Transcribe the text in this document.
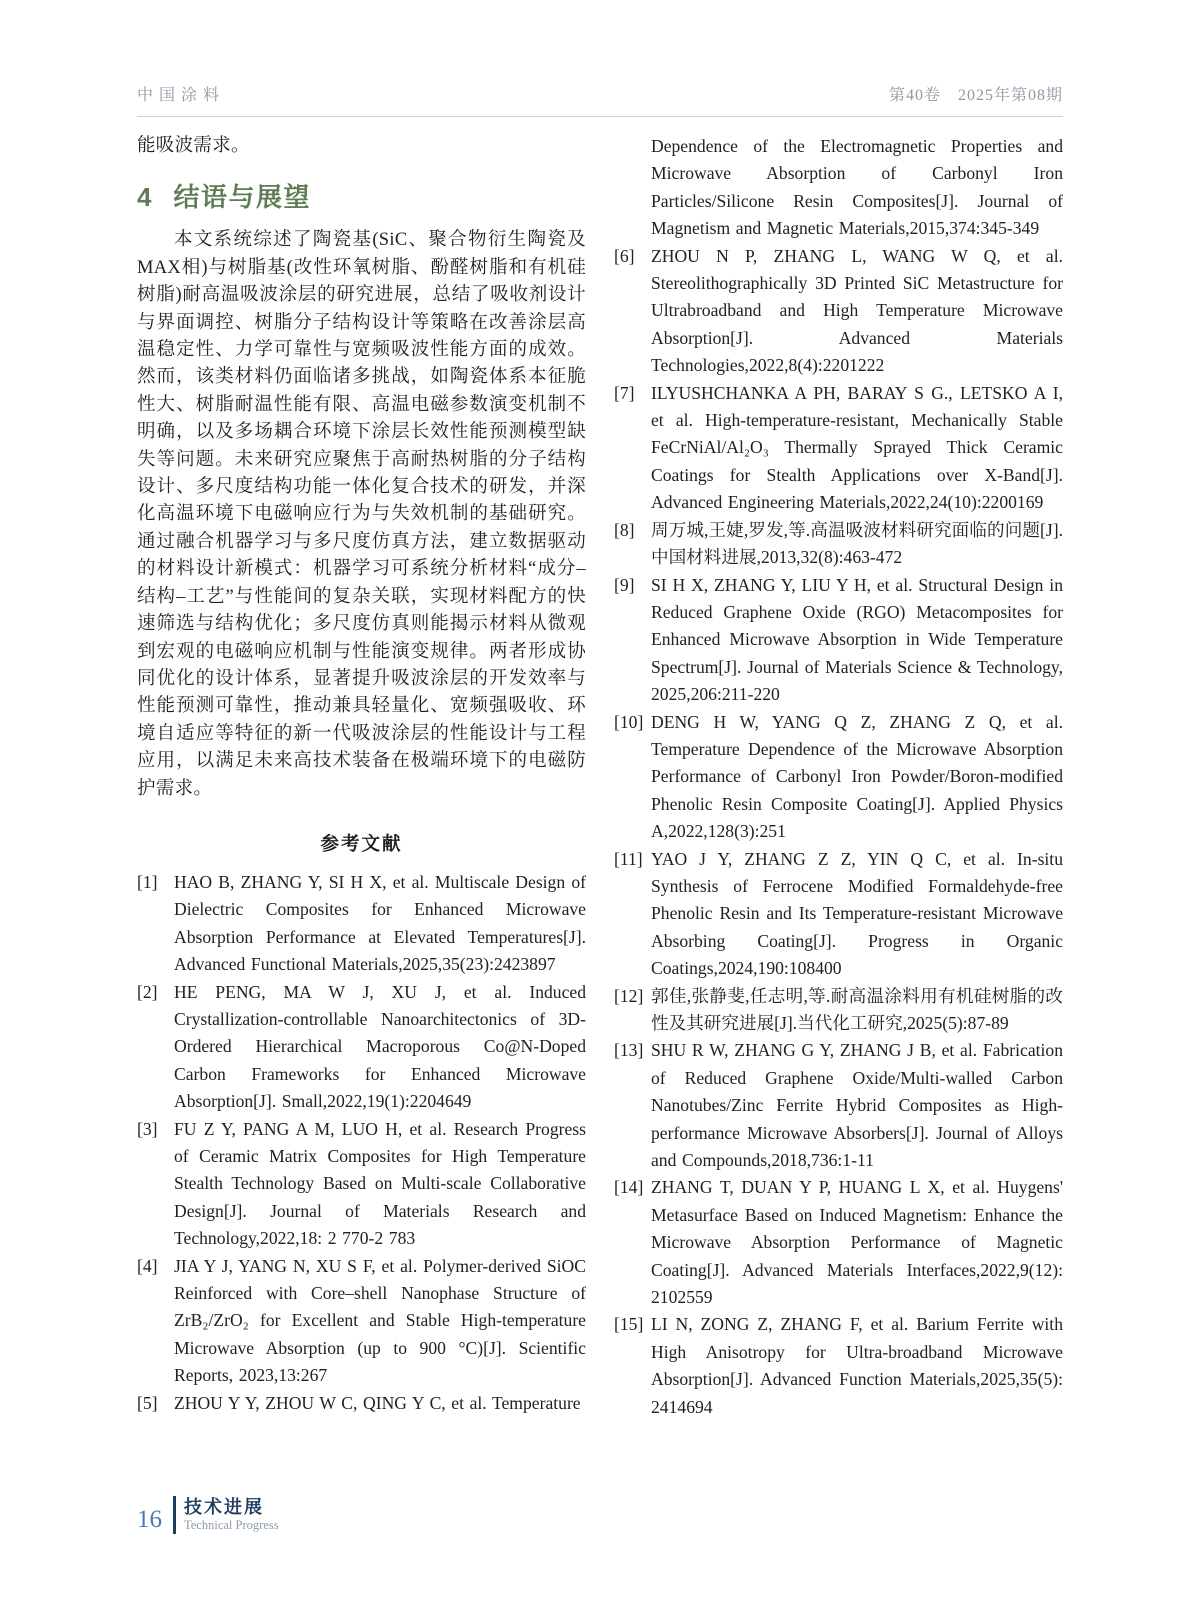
中国涂料	第40卷　2025年第08期

能吸波需求。

4 结语与展望

本文系统综述了陶瓷基(SiC、聚合物衍生陶瓷及MAX相)与树脂基(改性环氧树脂、酚醛树脂和有机硅树脂)耐高温吸波涂层的研究进展，总结了吸收剂设计与界面调控、树脂分子结构设计等策略在改善涂层高温稳定性、力学可靠性与宽频吸波性能方面的成效。然而，该类材料仍面临诸多挑战，如陶瓷体系本征脆性大、树脂耐温性能有限、高温电磁参数演变机制不明确，以及多场耦合环境下涂层长效性能预测模型缺失等问题。未来研究应聚焦于高耐热树脂的分子结构设计、多尺度结构功能一体化复合技术的研发，并深化高温环境下电磁响应行为与失效机制的基础研究。通过融合机器学习与多尺度仿真方法，建立数据驱动的材料设计新模式：机器学习可系统分析材料“成分–结构–工艺”与性能间的复杂关联，实现材料配方的快速筛选与结构优化；多尺度仿真则能揭示材料从微观到宏观的电磁响应机制与性能演变规律。两者形成协同优化的设计体系，显著提升吸波涂层的开发效率与性能预测可靠性，推动兼具轻量化、宽频强吸收、环境自适应等特征的新一代吸波涂层的性能设计与工程应用，以满足未来高技术装备在极端环境下的电磁防护需求。

参考文献
[1] HAO B, ZHANG Y, SI H X, et al. Multiscale Design of Dielectric Composites for Enhanced Microwave Absorption Performance at Elevated Temperatures[J]. Advanced Functional Materials,2025,35(23):2423897
[2] HE PENG, MA W J, XU J, et al. Induced Crystallization-controllable Nanoarchitectonics of 3D-Ordered Hierarchical Macroporous Co@N-Doped Carbon Frameworks for Enhanced Microwave Absorption[J]. Small,2022,19(1):2204649
[3] FU Z Y, PANG A M, LUO H, et al. Research Progress of Ceramic Matrix Composites for High Temperature Stealth Technology Based on Multi-scale Collaborative Design[J]. Journal of Materials Research and Technology,2022,18: 2 770-2 783
[4] JIA Y J, YANG N, XU S F, et al. Polymer-derived SiOC Reinforced with Core–shell Nanophase Structure of ZrB₂/ZrO₂ for Excellent and Stable High-temperature Microwave Absorption (up to 900 °C)[J]. Scientific Reports, 2023,13:267
[5] ZHOU Y Y, ZHOU W C, QING Y C, et al. Temperature

Dependence of the Electromagnetic Properties and Microwave Absorption of Carbonyl Iron Particles/Silicone Resin Composites[J]. Journal of Magnetism and Magnetic Materials,2015,374:345-349

[6] ZHOU N P, ZHANG L, WANG W Q, et al. Stereolithographically 3D Printed SiC Metastructure for Ultrabroadband and High Temperature Microwave Absorption[J]. Advanced Materials Technologies,2022,8(4):2201222
[7] ILYUSHCHANKA A PH, BARAY S G., LETSKO A I, et al. High-temperature-resistant, Mechanically Stable FeCrNiAl/Al₂O₃ Thermally Sprayed Thick Ceramic Coatings for Stealth Applications over X-Band[J]. Advanced Engineering Materials,2022,24(10):2200169
[8] 周万城,王婕,罗发,等.高温吸波材料研究面临的问题[J].中国材料进展,2013,32(8):463-472
[9] SI H X, ZHANG Y, LIU Y H, et al. Structural Design in Reduced Graphene Oxide (RGO) Metacomposites for Enhanced Microwave Absorption in Wide Temperature Spectrum[J]. Journal of Materials Science & Technology, 2025,206:211-220
[10] DENG H W, YANG Q Z, ZHANG Z Q, et al. Temperature Dependence of the Microwave Absorption Performance of Carbonyl Iron Powder/Boron-modified Phenolic Resin Composite Coating[J]. Applied Physics A,2022,128(3):251
[11] YAO J Y, ZHANG Z Z, YIN Q C, et al. In-situ Synthesis of Ferrocene Modified Formaldehyde-free Phenolic Resin and Its Temperature-resistant Microwave Absorbing Coating[J]. Progress in Organic Coatings,2024,190:108400
[12] 郭佳,张静斐,任志明,等.耐高温涂料用有机硅树脂的改性及其研究进展[J].当代化工研究,2025(5):87-89
[13] SHU R W, ZHANG G Y, ZHANG J B, et al. Fabrication of Reduced Graphene Oxide/Multi-walled Carbon Nanotubes/Zinc Ferrite Hybrid Composites as High-performance Microwave Absorbers[J]. Journal of Alloys and Compounds,2018,736:1-11
[14] ZHANG T, DUAN Y P, HUANG L X, et al. Huygens' Metasurface Based on Induced Magnetism: Enhance the Microwave Absorption Performance of Magnetic Coating[J]. Advanced Materials Interfaces,2022,9(12): 2102559
[15] LI N, ZONG Z, ZHANG F, et al. Barium Ferrite with High Anisotropy for Ultra-broadband Microwave Absorption[J]. Advanced Function Materials,2025,35(5): 2414694
16 技术进展
Technical Progress
